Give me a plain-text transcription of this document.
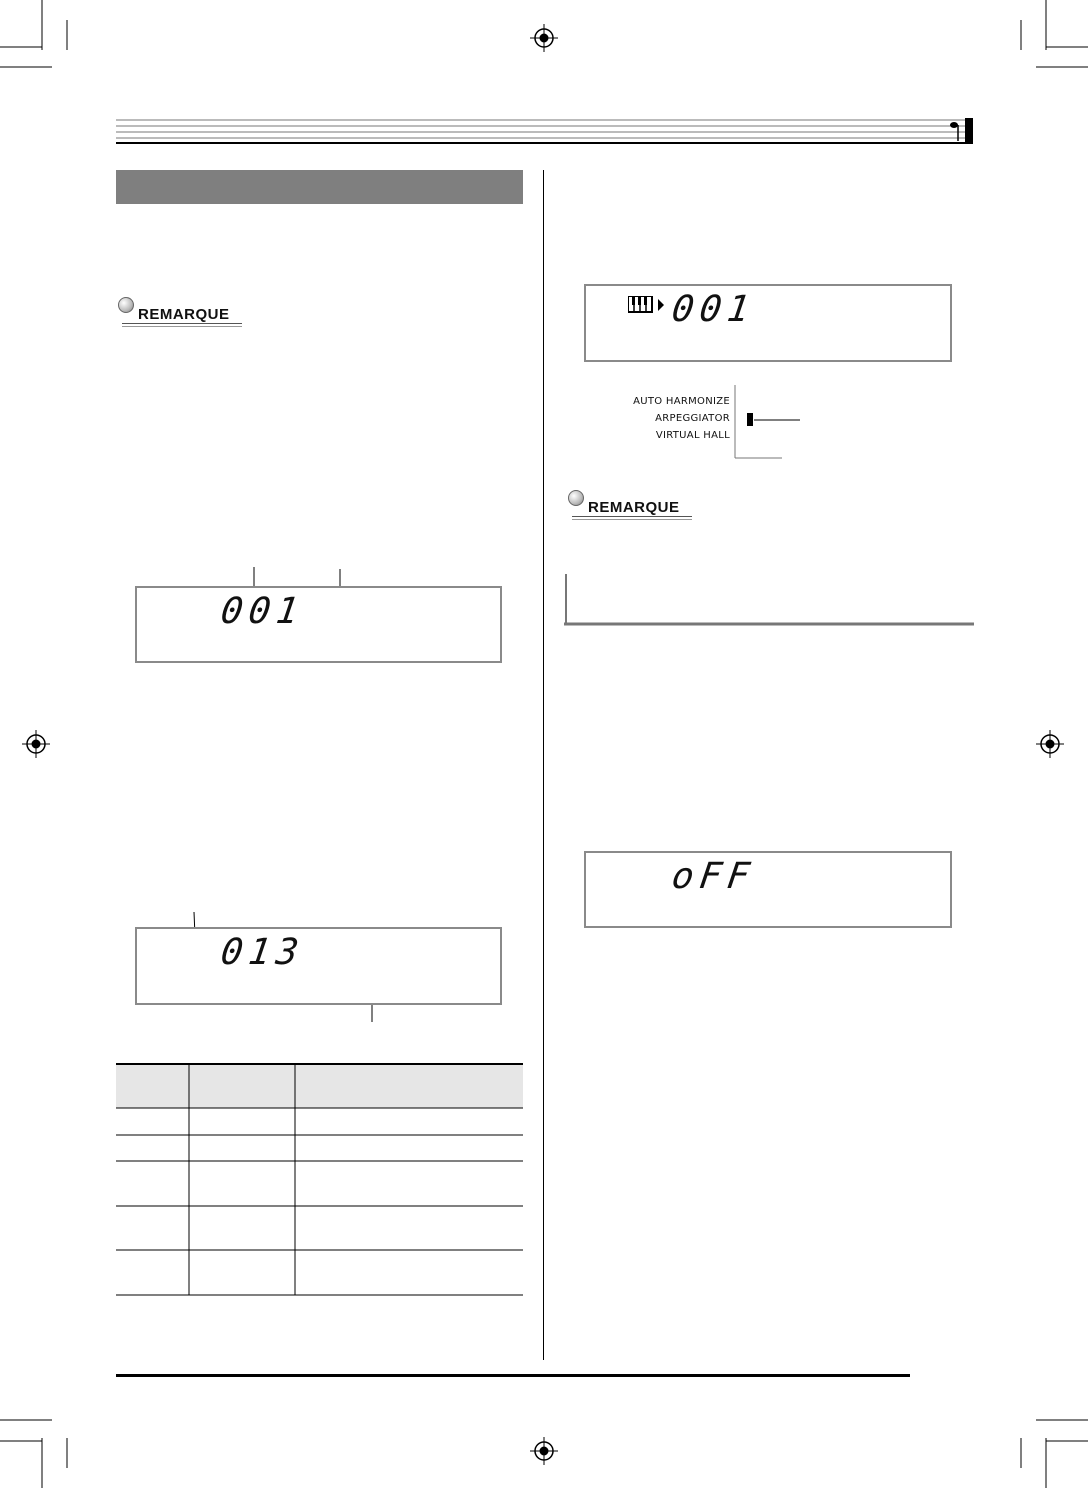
REMARQUE
001
013
001
AUTO HARMONIZE
ARPEGGIATOR
VIRTUAL HALL
REMARQUE
oFF
